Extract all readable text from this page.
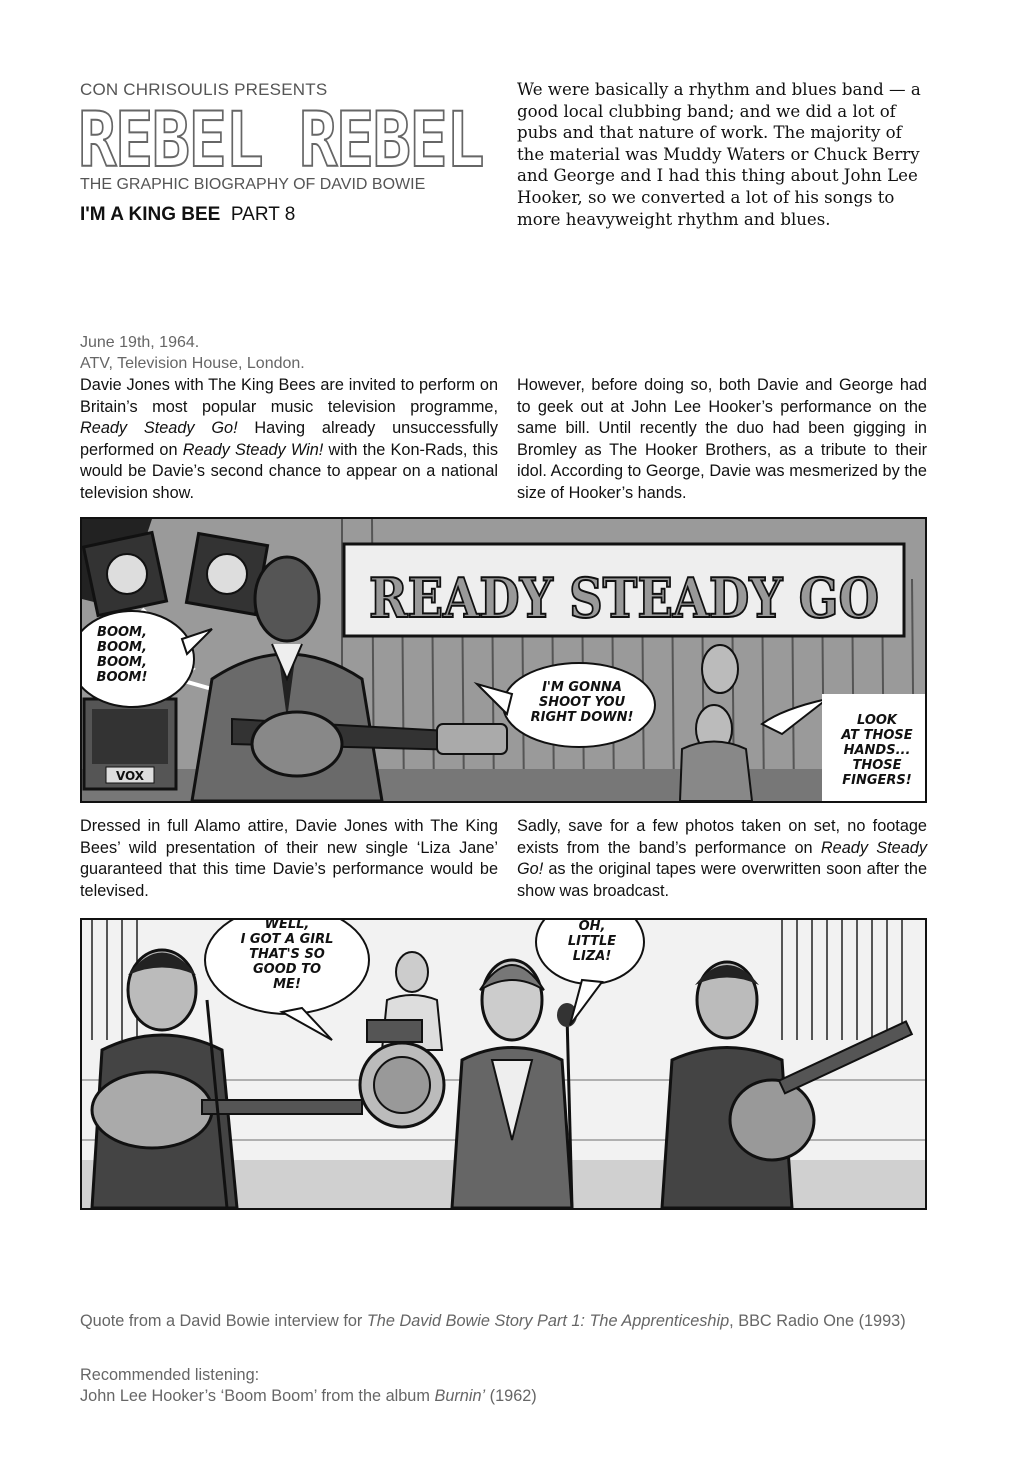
CON CHRISOULIS PRESENTS
REBEL REBEL
THE GRAPHIC BIOGRAPHY OF DAVID BOWIE
I'M A KING BEE PART 8
We were basically a rhythm and blues band — a good local clubbing band; and we did a lot of pubs and that nature of work. The majority of the material was Muddy Waters or Chuck Berry and George and I had this thing about John Lee Hooker, so we converted a lot of his songs to more heavyweight rhythm and blues.
June 19th, 1964.
ATV, Television House, London.
Davie Jones with The King Bees are invited to perform on Britain’s most popular music television programme, Ready Steady Go! Having already unsuccessfully performed on Ready Steady Win! with the Kon-Rads, this would be Davie’s second chance to appear on a national television show.
However, before doing so, both Davie and George had to geek out at John Lee Hooker’s performance on the same bill. Until recently the duo had been gigging in Bromley as The Hooker Brothers, as a tribute to their idol. According to George, Davie was mesmerized by the size of Hooker’s hands.
READY STEADY GO
VOX
BOOM, BOOM, BOOM, BOOM!
I'M GONNA SHOOT YOU RIGHT DOWN!	LOOK AT THOSE HANDS... THOSE FINGERS!
Dressed in full Alamo attire, Davie Jones with The King Bees’ wild presentation of their new single ‘Liza Jane’ guaranteed that this time Davie’s performance would be televised.
Sadly, save for a few photos taken on set, no footage exists from the band’s performance on Ready Steady Go! as the original tapes were overwritten soon after the show was broadcast.
WELL, I GOT A GIRL THAT'S SO GOOD TO ME!
OH, LITTLE LIZA!
Quote from a David Bowie interview for The David Bowie Story Part 1: The Apprenticeship, BBC Radio One (1993)
Recommended listening:
John Lee Hooker’s ‘Boom Boom’ from the album Burnin’ (1962)
